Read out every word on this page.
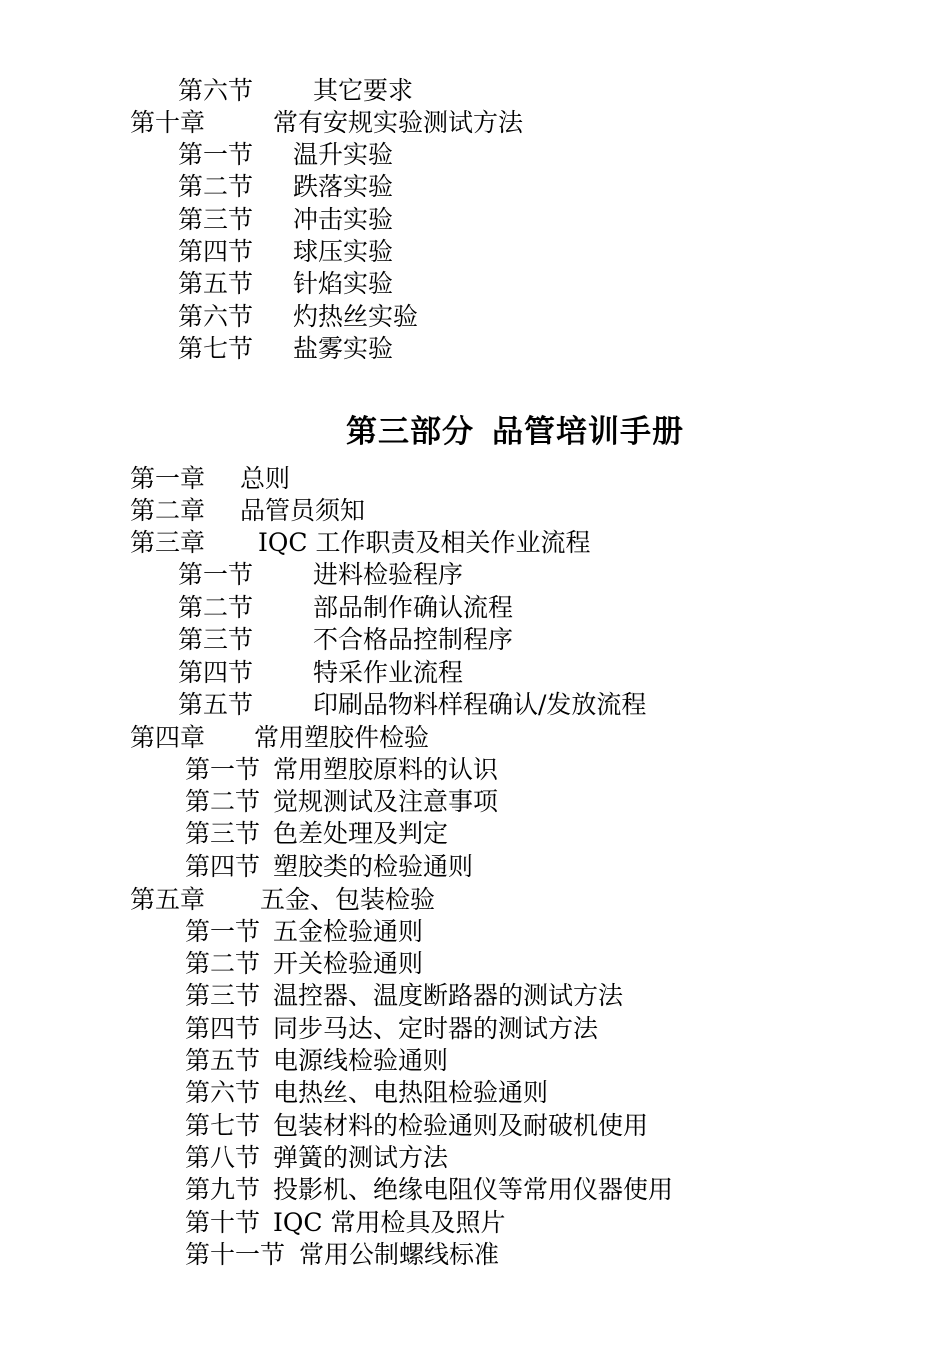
第六节 其它要求
第十章	常有安规实验测试方法
第一节 温升实验
第二节 跌落实验
第三节 冲击实验
第四节 球压实验
第五节 针焰实验
第六节 灼热丝实验
第七节 盐雾实验
第三部分 品管培训手册
第一章 总则
第二章 品管员须知
第三章 IQC 工作职责及相关作业流程
第一节 进料检验程序
第二节 部品制作确认流程
第三节 不合格品控制程序
第四节 特采作业流程
第五节 印刷品物料样程确认/发放流程
第四章 常用塑胶件检验
第一节 常用塑胶原料的认识
第二节 觉规测试及注意事项
第三节 色差处理及判定
第四节 塑胶类的检验通则
第五章 五金、包装检验
第一节 五金检验通则
第二节 开关检验通则
第三节 温控器、温度断路器的测试方法
第四节 同步马达、定时器的测试方法
第五节 电源线检验通则
第六节 电热丝、电热阻检验通则
第七节 包装材料的检验通则及耐破机使用
第八节 弹簧的测试方法
第九节 投影机、绝缘电阻仪等常用仪器使用
第十节 IQC 常用检具及照片
第十一节 常用公制螺线标准
